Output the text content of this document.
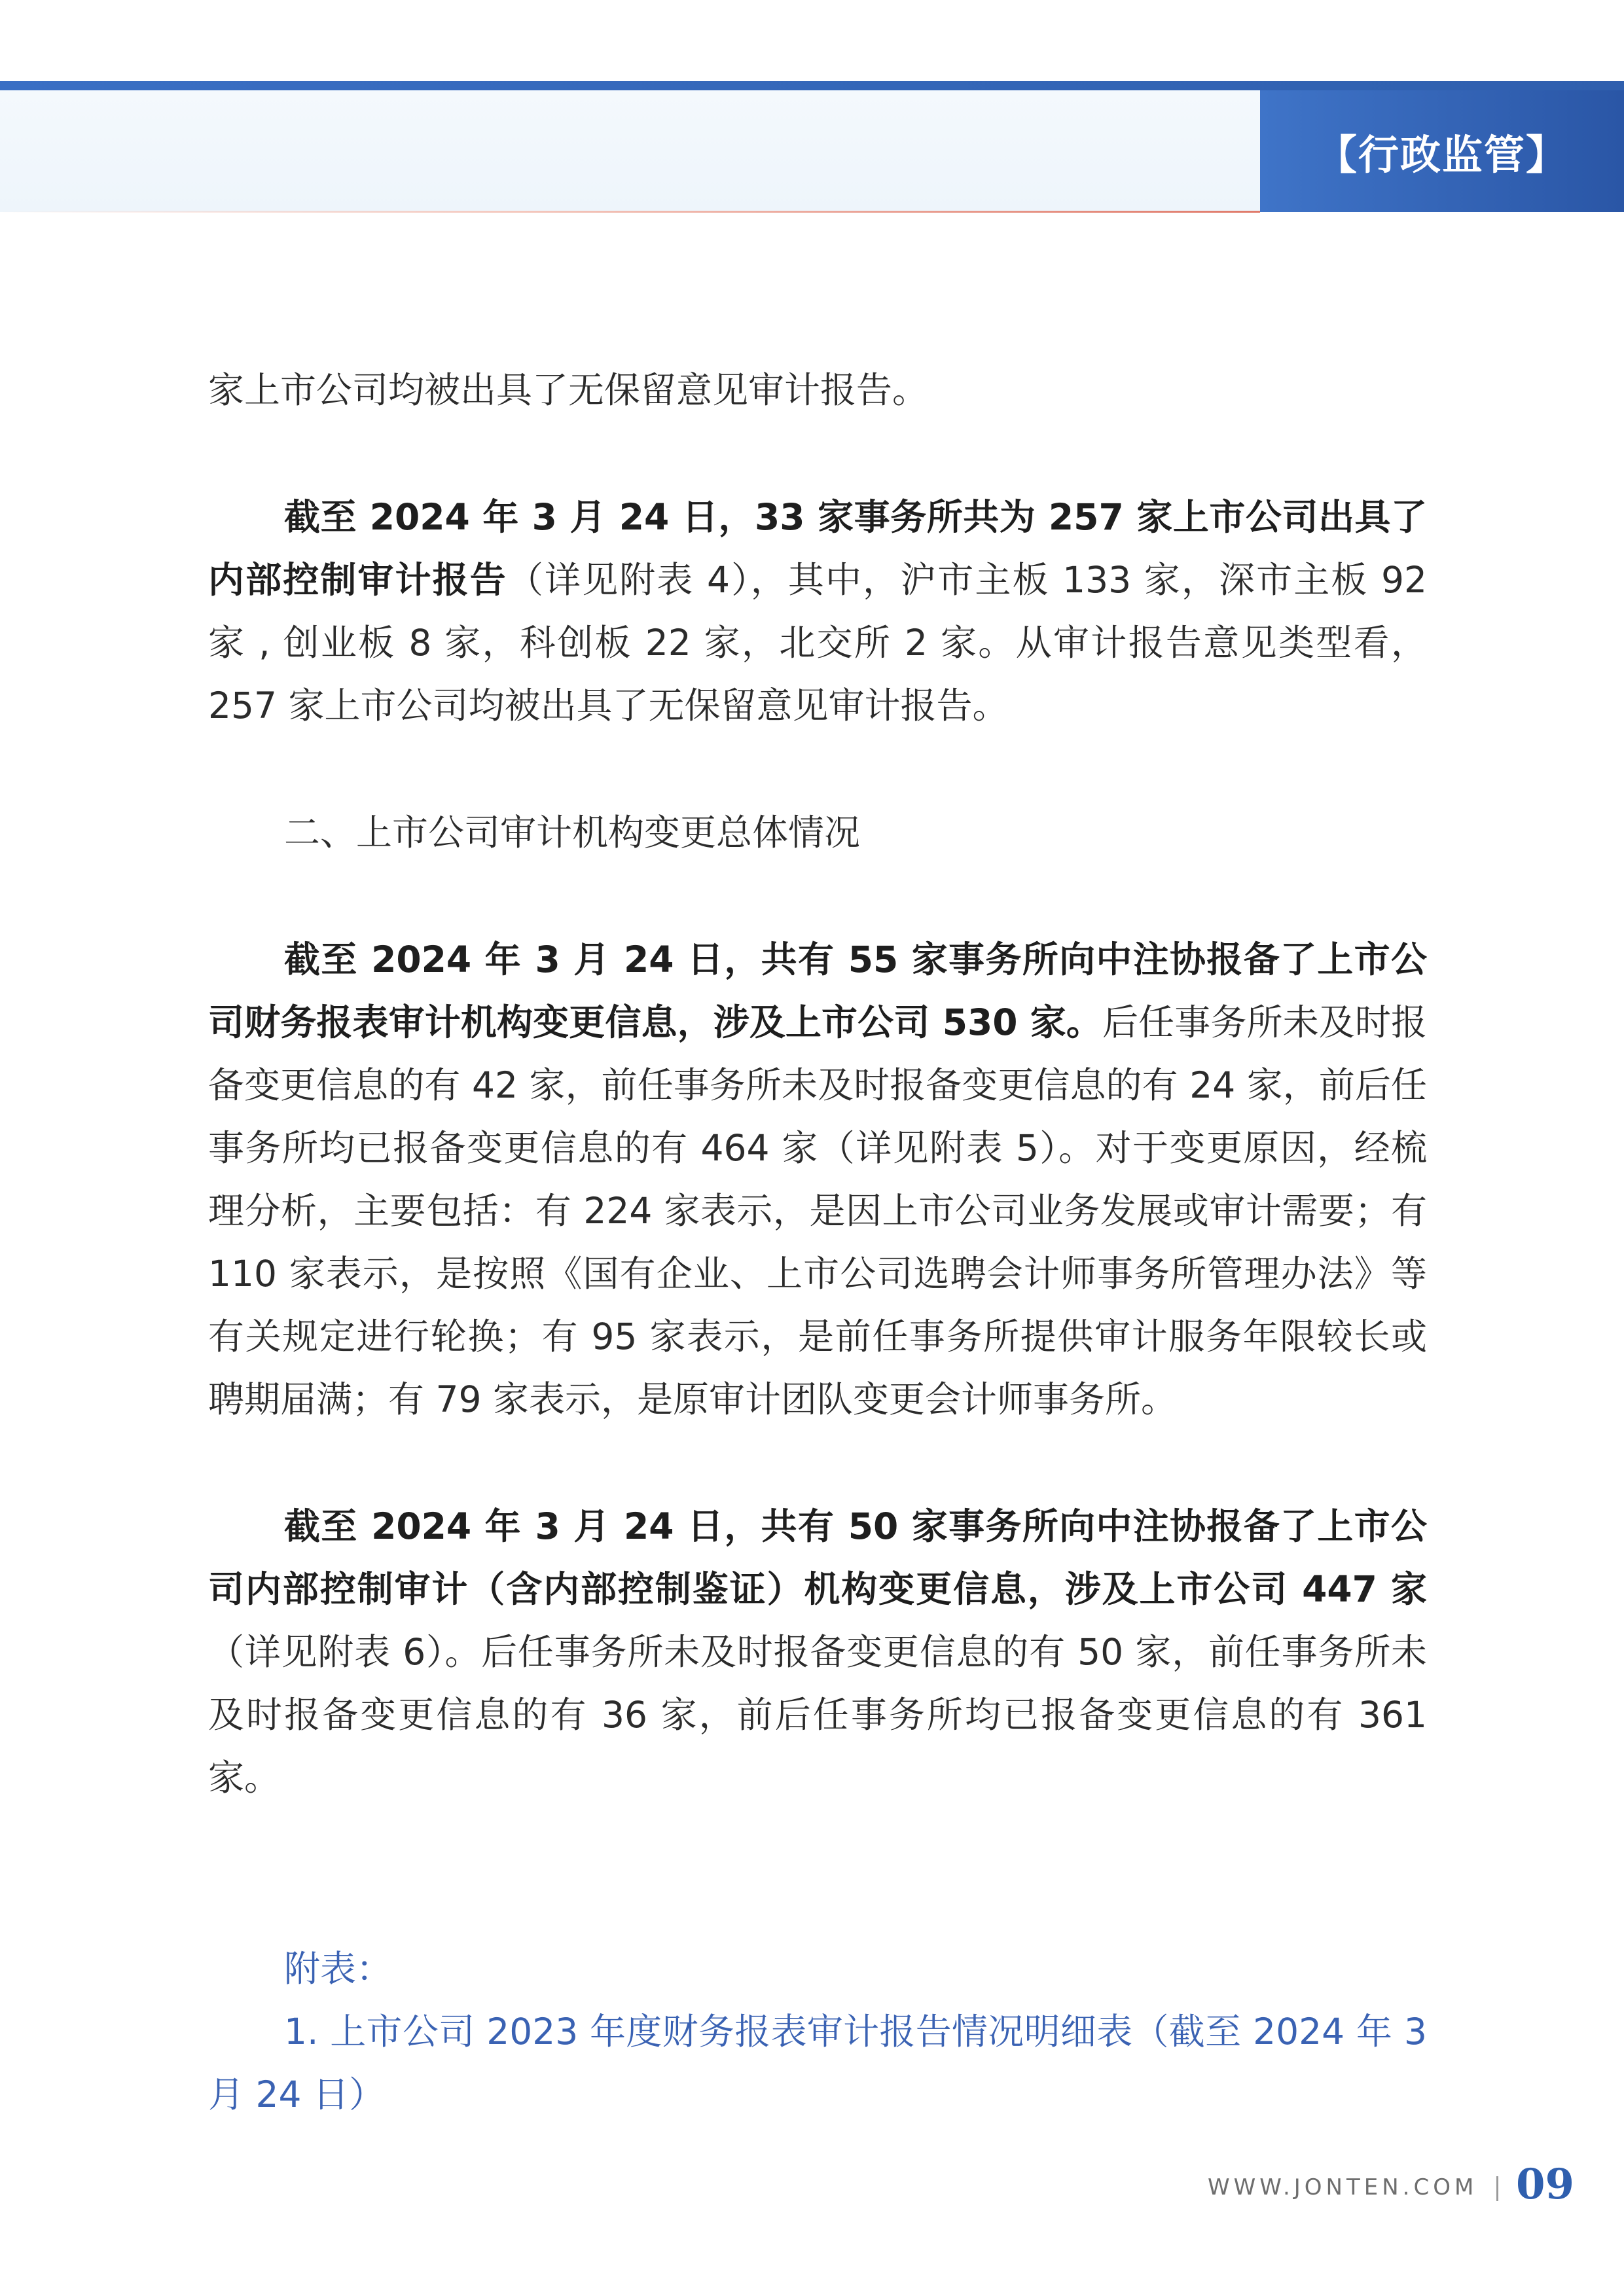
【行政监管】

家上市公司均被出具了无保留意见审计报告。

截至 2024 年 3 月 24 日，33 家事务所共为 257 家上市公司出具了内部控制审计报告（详见附表 4），其中，沪市主板 133 家，深市主板 92 家 , 创业板 8 家，科创板 22 家，北交所 2 家。从审计报告意见类型看，257 家上市公司均被出具了无保留意见审计报告。

二、上市公司审计机构变更总体情况

截至 2024 年 3 月 24 日，共有 55 家事务所向中注协报备了上市公司财务报表审计机构变更信息，涉及上市公司 530 家。后任事务所未及时报备变更信息的有 42 家，前任事务所未及时报备变更信息的有 24 家，前后任事务所均已报备变更信息的有 464 家（详见附表 5）。对于变更原因，经梳理分析，主要包括：有 224 家表示，是因上市公司业务发展或审计需要；有 110 家表示，是按照《国有企业、上市公司选聘会计师事务所管理办法》等有关规定进行轮换；有 95 家表示，是前任事务所提供审计服务年限较长或聘期届满；有 79 家表示，是原审计团队变更会计师事务所。

截至 2024 年 3 月 24 日，共有 50 家事务所向中注协报备了上市公司内部控制审计（含内部控制鉴证）机构变更信息，涉及上市公司 447 家（详见附表 6）。后任事务所未及时报备变更信息的有 50 家，前任事务所未及时报备变更信息的有 36 家，前后任事务所均已报备变更信息的有 361 家。

附表：

1. 上市公司 2023 年度财务报表审计报告情况明细表（截至 2024 年 3 月 24 日）

WWW.JONTEN.COM 09
